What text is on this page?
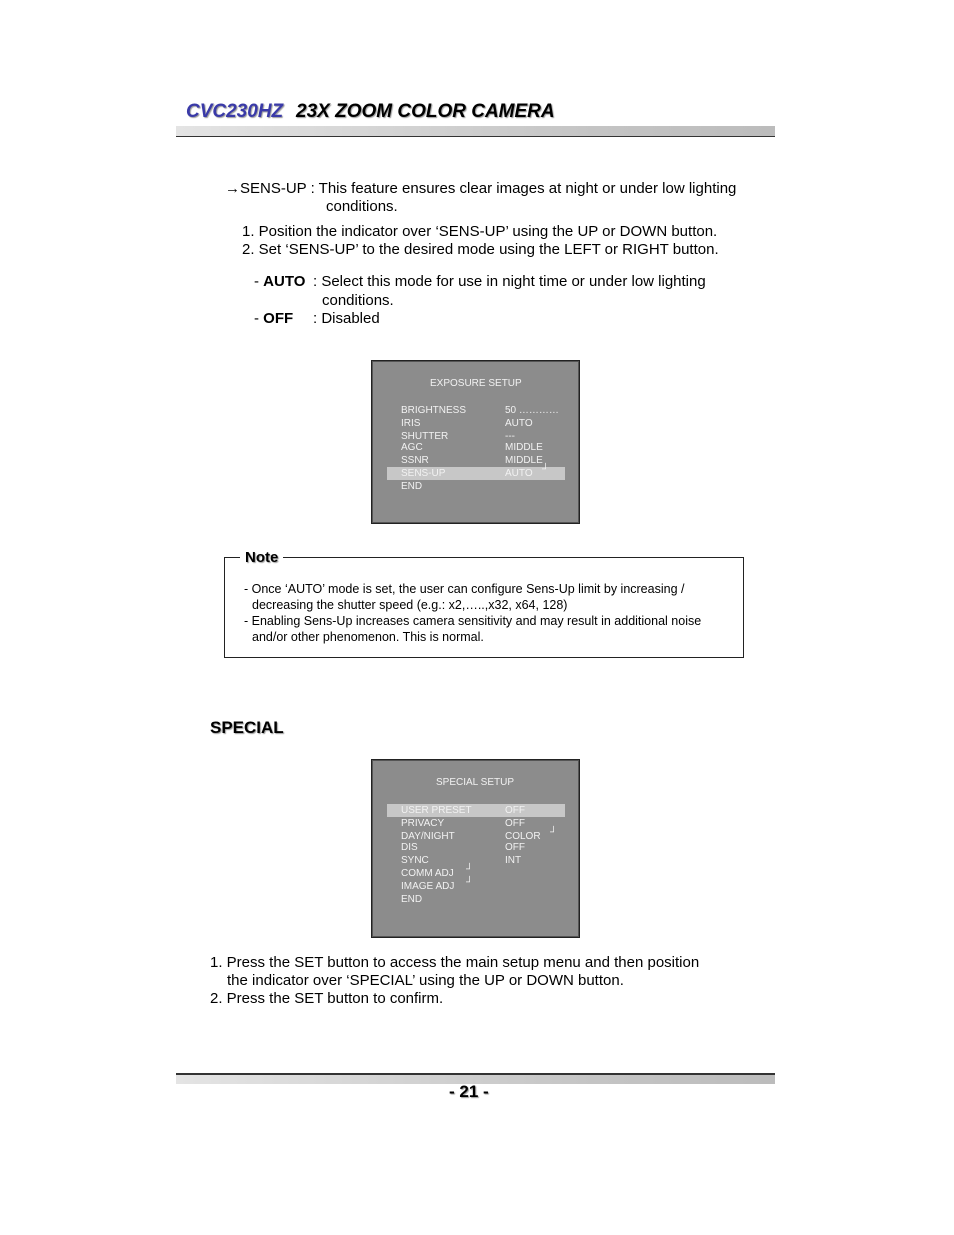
CVC230HZ 23X ZOOM COLOR CAMERA
→SENS-UP : This feature ensures clear images at night or under low lighting
conditions.
1. Position the indicator over ‘SENS-UP’ using the UP or DOWN button.
2. Set ‘SENS-UP’ to the desired mode using the LEFT or RIGHT button.
- AUTO : Select this mode for use in night time or under low lighting
conditions.
- OFF : Disabled
EXPOSURE SETUP
BRIGHTNESS	50 …………
IRIS	AUTO
SHUTTER	---
AGC	MIDDLE
SSNR	MIDDLE
SENS-UP	AUTO ┘
END
Note
- Once ‘AUTO’ mode is set, the user can configure Sens-Up limit by increasing /
decreasing the shutter speed (e.g.: x2,…..,x32, x64, 128)
- Enabling Sens-Up increases camera sensitivity and may result in additional noise
and/or other phenomenon. This is normal.
SPECIAL
SPECIAL SETUP
USER PRESET	OFF
PRIVACY	OFF
DAY/NIGHT	COLOR ┘
DIS	OFF
SYNC	INT
COMM ADJ ┘
IMAGE ADJ ┘
END
1. Press the SET button to access the main setup menu and then position
the indicator over ‘SPECIAL’ using the UP or DOWN button.
2. Press the SET button to confirm.
- 21 -
